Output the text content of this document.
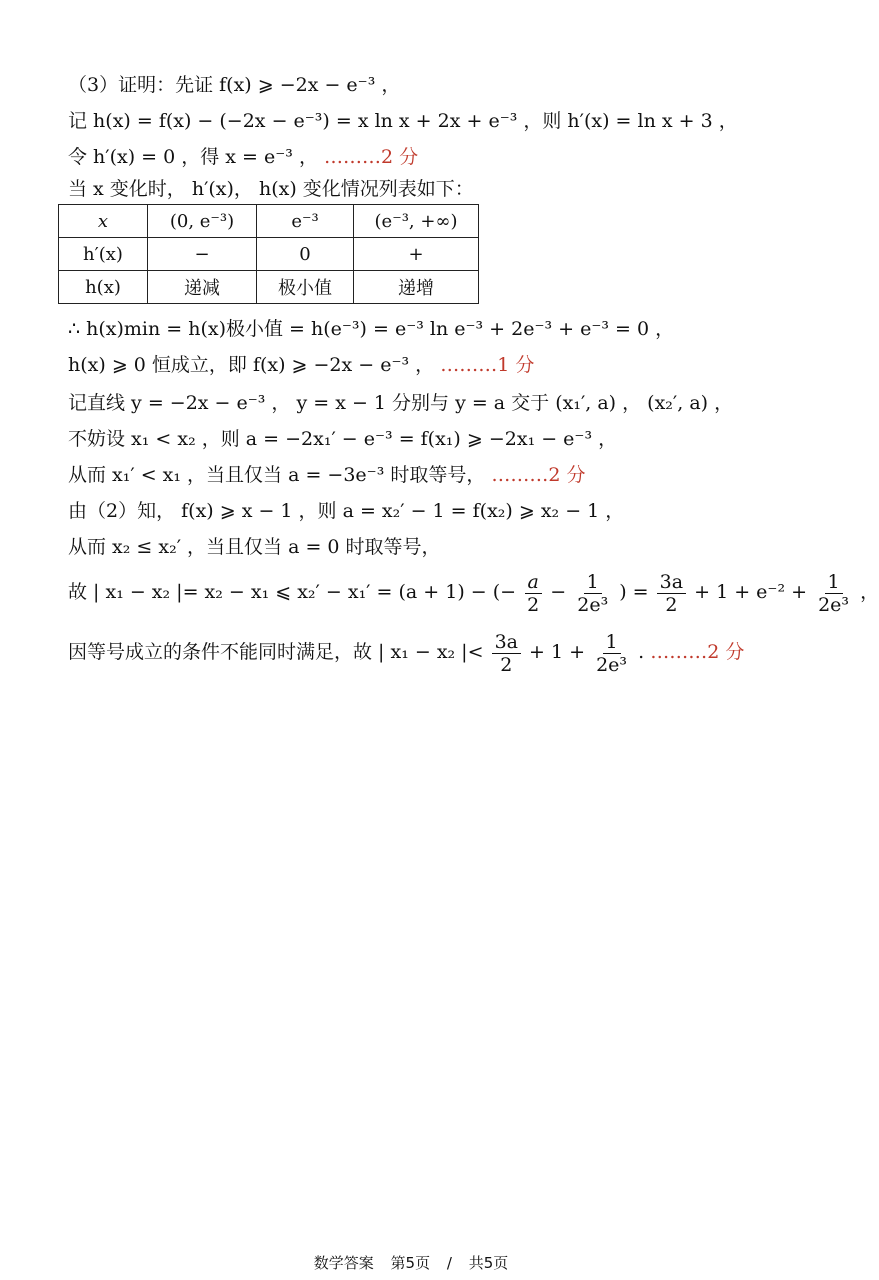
（3）证明：先证 f(x) ⩾ −2x − e⁻³ ，
记 h(x) = f(x) − (−2x − e⁻³) = x ln x + 2x + e⁻³ ，则 h′(x) = ln x + 3 ，
令 h′(x) = 0 ，得 x = e⁻³ ， ………2 分
当 x 变化时， h′(x)， h(x) 变化情况列表如下：
x	(0, e⁻³)	e⁻³	(e⁻³, +∞)
h′(x)	−	0	+
h(x)	递减	极小值	递增
∴ h(x)min = h(x)极小值 = h(e⁻³) = e⁻³ ln e⁻³ + 2e⁻³ + e⁻³ = 0 ，
h(x) ⩾ 0 恒成立，即 f(x) ⩾ −2x − e⁻³ ， ………1 分
记直线 y = −2x − e⁻³ ， y = x − 1 分别与 y = a 交于 (x₁′, a) ， (x₂′, a) ，
不妨设 x₁ < x₂ ，则 a = −2x₁′ − e⁻³ = f(x₁) ⩾ −2x₁ − e⁻³ ，
从而 x₁′ < x₁ ，当且仅当 a = −3e⁻³ 时取等号， ………2 分
由（2）知， f(x) ⩾ x − 1 ，则 a = x₂′ − 1 = f(x₂) ⩾ x₂ − 1 ，
从而 x₂ ≤ x₂′ ，当且仅当 a = 0 时取等号，
故 | x₁ − x₂ |= x₂ − x₁ ⩽ x₂′ − x₁′ = (a + 1) − (− $\frac{a}{2} - \frac{1}{\text{2e³}}$ ) = $\frac{3a}{2} + 1 + e^{-2} + \frac{1}{\text{2e³}}$ ，
因等号成立的条件不能同时满足，故 | x₁ − x₂ |< $\frac{3a}{2} + 1 + \frac{1}{\text{2e³}}$ . ………2 分
数学答案 第5页 / 共5页
